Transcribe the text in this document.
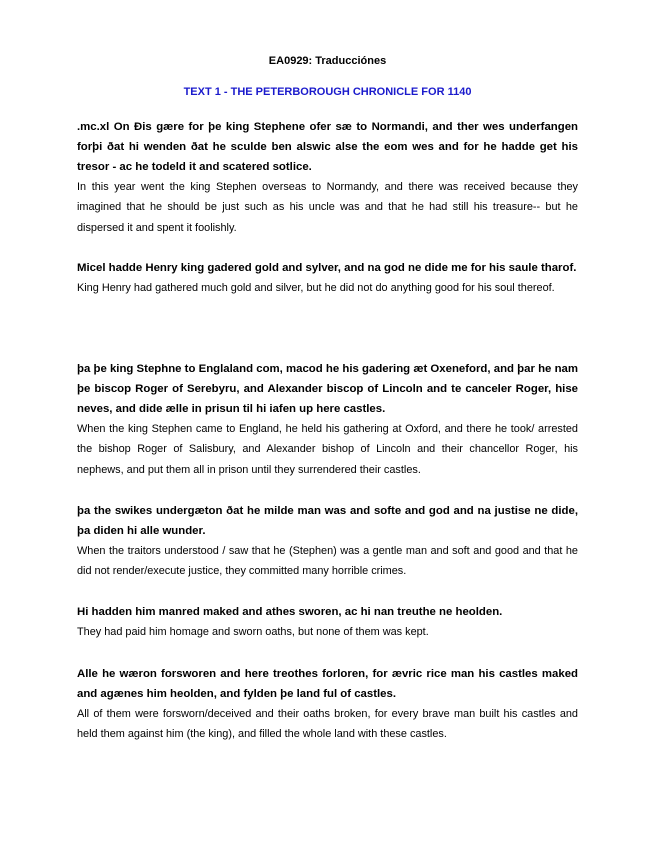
EA0929: Traducciónes
TEXT 1 - THE PETERBOROUGH CHRONICLE FOR 1140

.mc.xl On Ðis gære for þe king Stephene ofer sæ to Normandi, and ther wes underfangen forþi ðat hi wenden ðat he sculde ben alswic alse the eom wes and for he hadde get his tresor - ac he todeld it and scatered sotlice.

In this year went the king Stephen overseas to Normandy, and there was received because they imagined that he should be just such as his uncle was and that he had still his treasure-- but he dispersed it and spent it foolishly.

Micel hadde Henry king gadered gold and sylver, and na god ne dide me for his saule tharof.

King Henry had gathered much gold and silver, but he did not do anything good for his soul thereof.

þa þe king Stephne to Englaland com, macod he his gadering æt Oxeneford, and þar he nam þe biscop Roger of Serebyru, and Alexander biscop of Lincoln and te canceler Roger, hise neves, and dide ælle in prisun til hi iafen up here castles.

When the king Stephen came to England, he held his gathering at Oxford, and there he took/ arrested the bishop Roger of Salisbury, and Alexander bishop of Lincoln and their chancellor Roger, his nephews, and put them all in prison until they surrendered their castles.

þa the swikes undergæton ðat he milde man was and softe and god and na justise ne dide, þa diden hi alle wunder.

When the traitors understood / saw that he (Stephen) was a gentle man and soft and good and that he did not render/execute justice, they committed many horrible crimes.

Hi hadden him manred maked and athes sworen, ac hi nan treuthe ne heolden.

They had paid him homage and sworn oaths, but none of them was kept.

Alle he wæron forsworen and here treothes forloren, for ævric rice man his castles maked and agænes him heolden, and fylden þe land ful of castles.

All of them were forsworn/deceived and their oaths broken, for every brave man built his castles and held them against him (the king), and filled the whole land with these castles.
